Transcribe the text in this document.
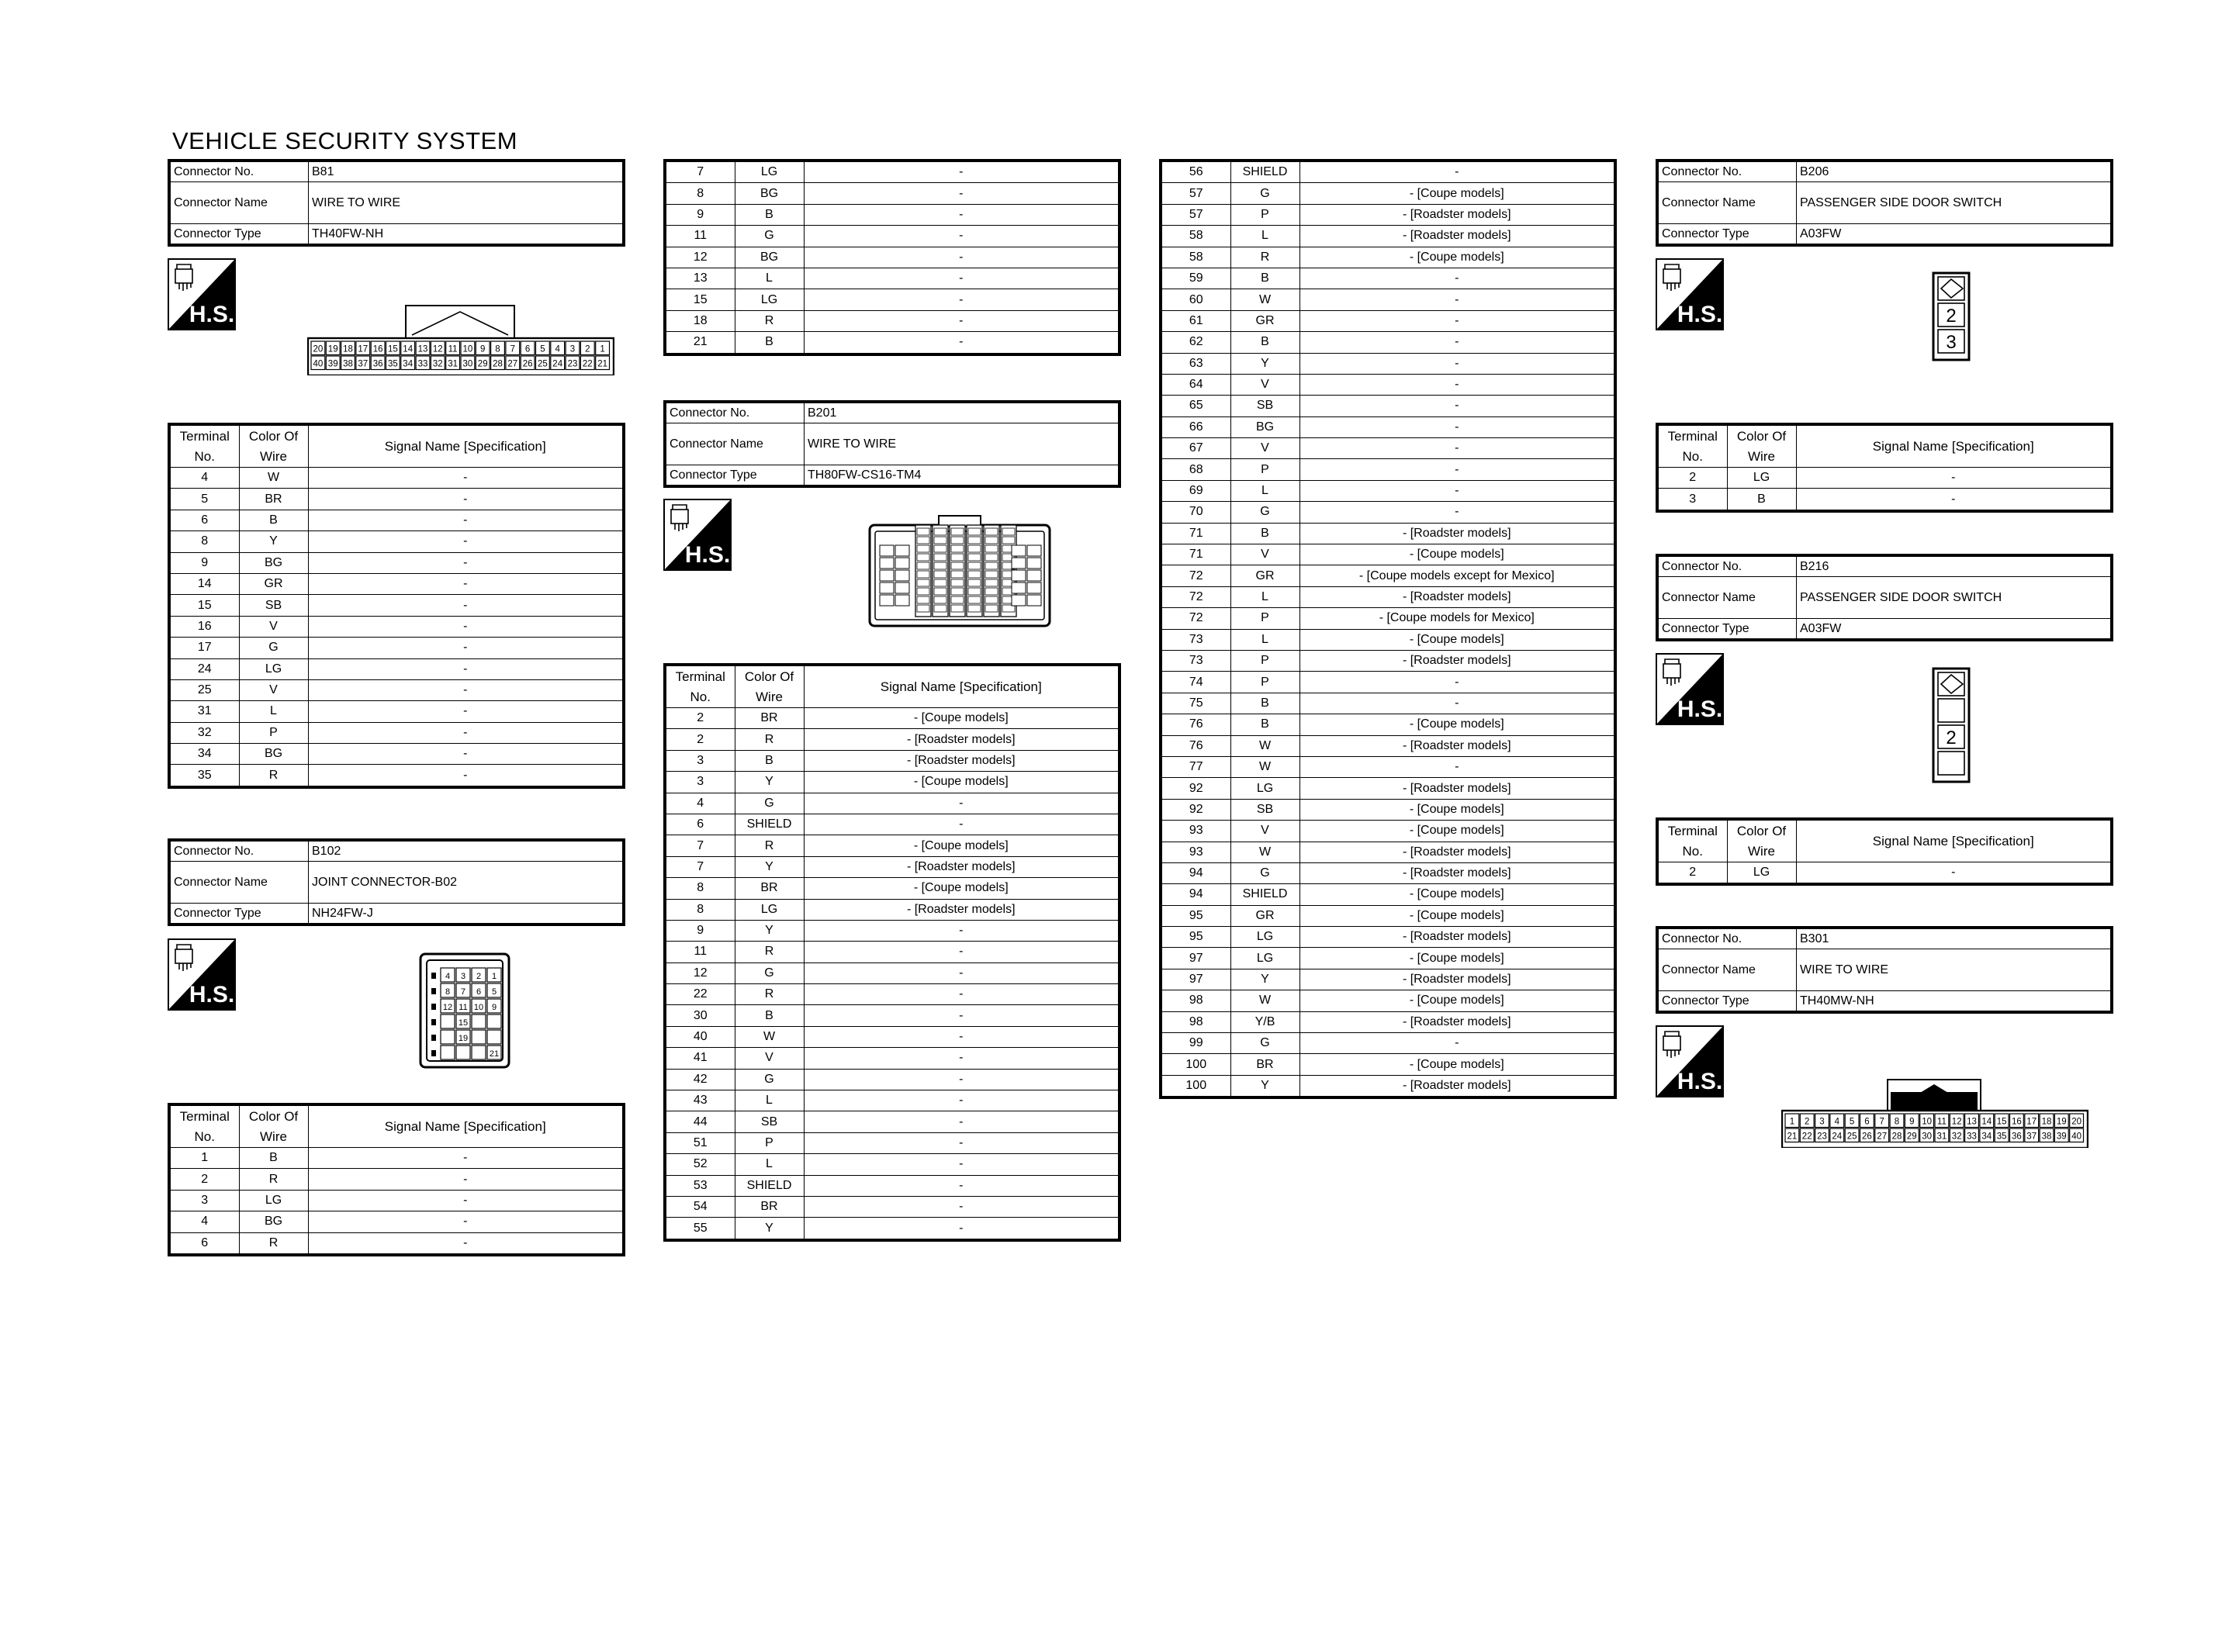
VEHICLE SECURITY SYSTEM
Connector No.	B81
Connector Name	WIRE TO WIRE
Connector Type	TH40FW-NH
H.S.
20 19 18 17 16 15 14 13 12 11 10 9 8 7 6 5 4 3 2 1
40 39 38 37 36 35 34 33 32 31 30 29 28 27 26 25 24 23 22 21
Terminal No.	Color Of Wire	Signal Name [Specification]
4	W	-
5	BR	-
6	B	-
8	Y	-
9	BG	-
14	GR	-
15	SB	-
16	V	-
17	G	-
24	LG	-
25	V	-
31	L	-
32	P	-
34	BG	-
35	R	-
Connector No.	B102
Connector Name	JOINT CONNECTOR-B02
Connector Type	NH24FW-J
H.S.
4 3 2 1
8 7 6 5
12 11 10 9
15
19
21
Terminal No.	Color Of Wire	Signal Name [Specification]
1	B	-
2	R	-
3	LG	-
4	BG	-
6	R	-
7	LG	-
8	BG	-
9	B	-
11	G	-
12	BG	-
13	L	-
15	LG	-
18	R	-
21	B	-
Connector No.	B201
Connector Name	WIRE TO WIRE
Connector Type	TH80FW-CS16-TM4
H.S.
Terminal No.	Color Of Wire	Signal Name [Specification]
2	BR	- [Coupe models]
2	R	- [Roadster models]
3	B	- [Roadster models]
3	Y	- [Coupe models]
4	G	-
6	SHIELD	-
7	R	- [Coupe models]
7	Y	- [Roadster models]
8	BR	- [Coupe models]
8	LG	- [Roadster models]
9	Y	-
11	R	-
12	G	-
22	R	-
30	B	-
40	W	-
41	V	-
42	G	-
43	L	-
44	SB	-
51	P	-
52	L	-
53	SHIELD	-
54	BR	-
55	Y	-
56	SHIELD	-
57	G	- [Coupe models]
57	P	- [Roadster models]
58	L	- [Roadster models]
58	R	- [Coupe models]
59	B	-
60	W	-
61	GR	-
62	B	-
63	Y	-
64	V	-
65	SB	-
66	BG	-
67	V	-
68	P	-
69	L	-
70	G	-
71	B	- [Roadster models]
71	V	- [Coupe models]
72	GR	- [Coupe models except for Mexico]
72	L	- [Roadster models]
72	P	- [Coupe models for Mexico]
73	L	- [Coupe models]
73	P	- [Roadster models]
74	P	-
75	B	-
76	B	- [Coupe models]
76	W	- [Roadster models]
77	W	-
92	LG	- [Roadster models]
92	SB	- [Coupe models]
93	V	- [Coupe models]
93	W	- [Roadster models]
94	G	- [Roadster models]
94	SHIELD	- [Coupe models]
95	GR	- [Coupe models]
95	LG	- [Roadster models]
97	LG	- [Coupe models]
97	Y	- [Roadster models]
98	W	- [Coupe models]
98	Y/B	- [Roadster models]
99	G	-
100	BR	- [Coupe models]
100	Y	- [Roadster models]
Connector No.	B206
Connector Name	PASSENGER SIDE DOOR SWITCH
Connector Type	A03FW
H.S.	2
3
Terminal No.	Color Of Wire	Signal Name [Specification]
2	LG	-
3	B	-
Connector No.	B216
Connector Name	PASSENGER SIDE DOOR SWITCH
Connector Type	A03FW
H.S.
2
Terminal No.	Color Of Wire	Signal Name [Specification]
2	LG	-
Connector No.	B301
Connector Name	WIRE TO WIRE
Connector Type	TH40MW-NH
H.S.
1 2 3 4 5 6 7 8 9 10 11 12 13 14 15 16 17 18 19 20
21 22 23 24 25 26 27 28 29 30 31 32 33 34 35 36 37 38 39 40
